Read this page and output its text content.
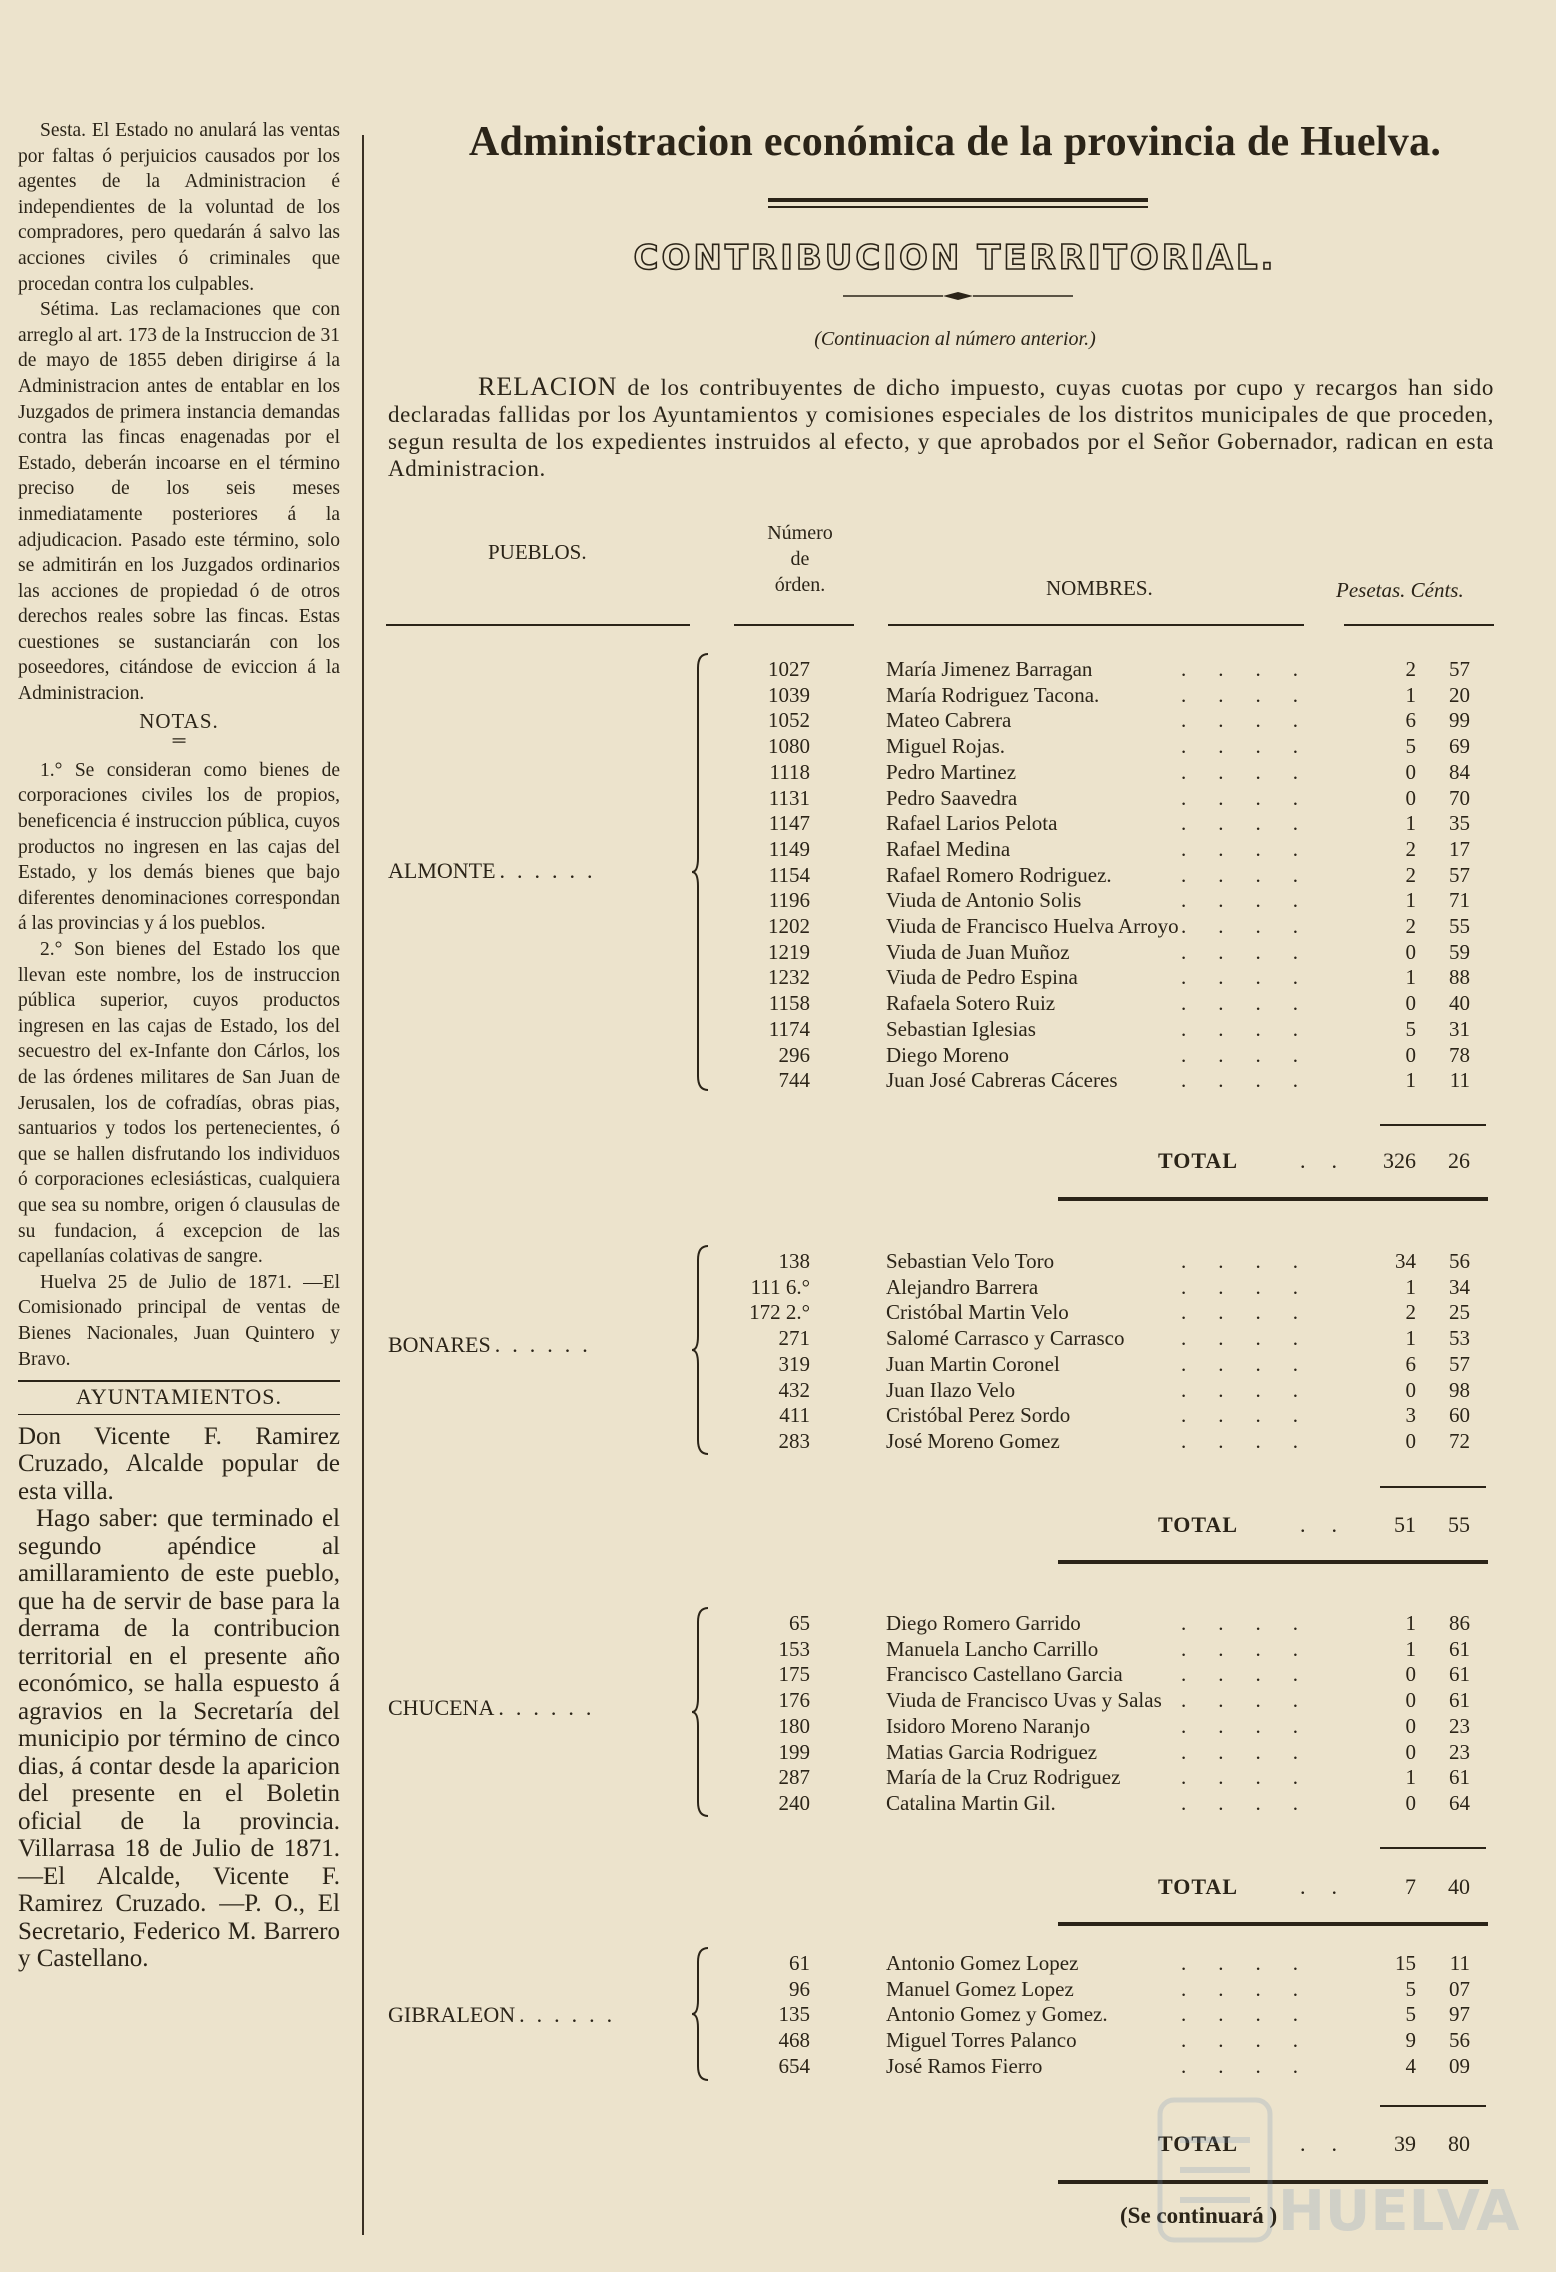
Sesta. El Estado no anulará las ventas por faltas ó perjuicios causados por los agentes de la Administracion é independientes de la voluntad de los compradores, pero quedarán á salvo las acciones civiles ó criminales que procedan contra los culpables.

Sétima. Las reclamaciones que con arreglo al art. 173 de la Instruccion de 31 de mayo de 1855 deben dirigirse á la Administracion antes de entablar en los Juzgados de primera instancia demandas contra las fincas enagenadas por el Estado, deberán incoarse en el término preciso de los seis meses inmediatamente posteriores á la adjudicacion. Pasado este término, solo se admitirán en los Juzgados ordinarios las acciones de propiedad ó de otros derechos reales sobre las fincas. Estas cuestiones se sustanciarán con los poseedores, citándose de eviccion á la Administracion.

NOTAS.

═

1.° Se consideran como bienes de corporaciones civiles los de propios, beneficencia é instruccion pública, cuyos productos no ingresen en las cajas del Estado, y los demás bienes que bajo diferentes denominaciones correspondan á las provincias y á los pueblos.

2.° Son bienes del Estado los que llevan este nombre, los de instruccion pública superior, cuyos productos ingresen en las cajas de Estado, los del secuestro del ex-Infante don Cárlos, los de las órdenes militares de San Juan de Jerusalen, los de cofradías, obras pias, santuarios y todos los pertenecientes, ó que se hallen disfrutando los individuos ó corporaciones eclesiásticas, cualquiera que sea su nombre, origen ó clausulas de su fundacion, á excepcion de las capellanías colativas de sangre.

Huelva 25 de Julio de 1871. —El Comisionado principal de ventas de Bienes Nacionales, Juan Quintero y Bravo.

AYUNTAMIENTOS.

Don Vicente F. Ramirez Cruzado, Alcalde popular de esta villa.

Hago saber: que terminado el segundo apéndice al amillaramiento de este pueblo, que ha de servir de base para la derrama de la contribucion territorial en el presente año económico, se halla espuesto á agravios en la Secretaría del municipio por término de cinco dias, á contar desde la aparicion del presente en el Boletin oficial de la provincia. Villarrasa 18 de Julio de 1871.—El Alcalde, Vicente F. Ramirez Cruzado. —P. O., El Secretario, Federico M. Barrero y Castellano.

Administracion económica de la provincia de Huelva.
CONTRIBUCION TERRITORIAL.
(Continuacion al número anterior.)
RELACION de los contribuyentes de dicho impuesto, cuyas cuotas por cupo y recargos han sido declaradas fallidas por los Ayuntamientos y comisiones especiales de los distritos municipales de que proceden, segun resulta de los expedientes instruidos al efecto, y que aprobados por el Señor Gobernador, radican en esta Administracion.
PUEBLOS.
Número
de
órden.	NOMBRES.	Pesetas. Cénts.
ALMONTE ......
1027	María Jimenez Barragan	....	2	57
1039	María Rodriguez Tacona.	....	1	20
1052	Mateo Cabrera	....	6	99
1080	Miguel Rojas.	....	5	69
1118	Pedro Martinez	....	0	84
1131	Pedro Saavedra	....	0	70
1147	Rafael Larios Pelota	....	1	35
1149	Rafael Medina	....	2	17
1154	Rafael Romero Rodriguez.	....	2	57
1196	Viuda de Antonio Solis	....	1	71
1202	Viuda de Francisco Huelva Arroyo ....	2	55
1219	Viuda de Juan Muñoz	....	0	59
1232	Viuda de Pedro Espina	....	1	88
1158	Rafaela Sotero Ruiz	....	0	40
1174	Sebastian Iglesias	....	5	31
296	Diego Moreno	....	0	78
744	Juan José Cabreras Cáceres	....	1	11
TOTAL	.. 326	26
BONARES ......
138	Sebastian Velo Toro	....	34	56
111 6.°	Alejandro Barrera	....	1	34
172 2.°	Cristóbal Martin Velo	....	2	25
271	Salomé Carrasco y Carrasco	....	1	53
319	Juan Martin Coronel	....	6	57
432	Juan Ilazo Velo	....	0	98
411	Cristóbal Perez Sordo	....	3	60
283	José Moreno Gomez	....	0	72
TOTAL	..	51	55
CHUCENA ......
65	Diego Romero Garrido	....	1	86
153	Manuela Lancho Carrillo	....	1	61
175	Francisco Castellano Garcia	....	0	61
176	Viuda de Francisco Uvas y Salas ....	0	61
180	Isidoro Moreno Naranjo	....	0	23
199	Matias Garcia Rodriguez	....	0	23
287	María de la Cruz Rodriguez	....	1	61
240	Catalina Martin Gil.	....	0	64
TOTAL	..	7	40
GIBRALEON ......
61	Antonio Gomez Lopez	....	15	11
96	Manuel Gomez Lopez	....	5	07
135	Antonio Gomez y Gomez.	....	5	97
468	Miguel Torres Palanco	....	9	56
654	José Ramos Fierro	....	4	09
TOTAL	..	39	80
(Se continuará ) HUELVA
